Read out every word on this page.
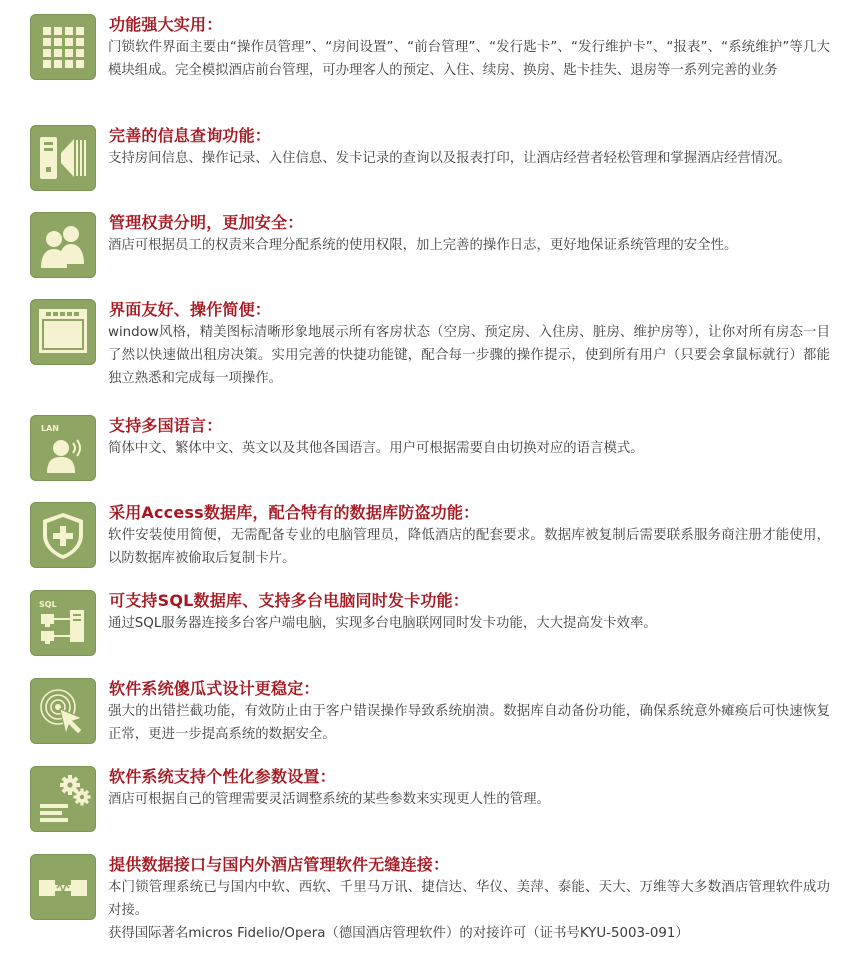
功能强大实用：
门锁软件界面主要由“操作员管理”、“房间设置”、“前台管理”、“发行匙卡”、“发行维护卡”、“报表”、“系统维护”等几大模块组成。完全模拟酒店前台管理，可办理客人的预定、入住、续房、换房、匙卡挂失、退房等一系列完善的业务
完善的信息查询功能：
支持房间信息、操作记录、入住信息、发卡记录的查询以及报表打印，让酒店经营者轻松管理和掌握酒店经营情况。
管理权责分明，更加安全：
酒店可根据员工的权责来合理分配系统的使用权限，加上完善的操作日志，更好地保证系统管理的安全性。
界面友好、操作简便：
window风格，精美图标清晰形象地展示所有客房状态（空房、预定房、入住房、脏房、维护房等），让你对所有房态一目了然以快速做出租房决策。实用完善的快捷功能键，配合每一步骤的操作提示，使到所有用户（只要会拿鼠标就行）都能独立熟悉和完成每一项操作。
LAN	支持多国语言：
简体中文、繁体中文、英文以及其他各国语言。用户可根据需要自由切换对应的语言模式。
采用Access数据库，配合特有的数据库防盗功能：
软件安装使用简便，无需配备专业的电脑管理员，降低酒店的配套要求。数据库被复制后需要联系服务商注册才能使用，以防数据库被偷取后复制卡片。
SQL	可支持SQL数据库、支持多台电脑同时发卡功能：
通过SQL服务器连接多台客户端电脑，实现多台电脑联网同时发卡功能，大大提高发卡效率。
软件系统傻瓜式设计更稳定：
强大的出错拦截功能，有效防止由于客户错误操作导致系统崩溃。数据库自动备份功能，确保系统意外瘫痪后可快速恢复正常，更进一步提高系统的数据安全。
软件系统支持个性化参数设置：
酒店可根据自己的管理需要灵活调整系统的某些参数来实现更人性的管理。
提供数据接口与国内外酒店管理软件无缝连接：

本门锁管理系统已与国内中软、西软、千里马万讯、捷信达、华仪、美萍、泰能、天大、万维等大多数酒店管理软件成功对接。

获得国际著名micros Fidelio/Opera（德国酒店管理软件）的对接许可（证书号KYU-5003-091）
